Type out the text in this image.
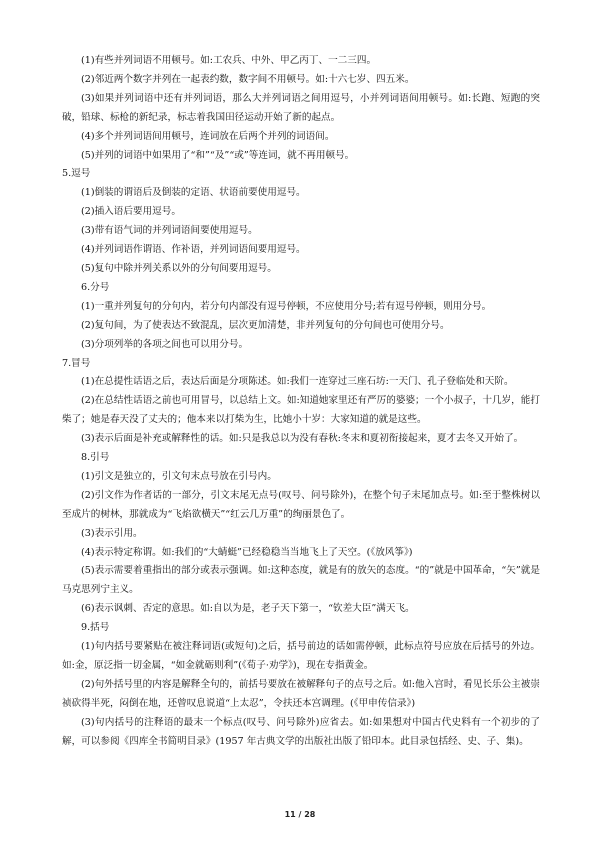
(1)有些并列词语不用顿号。如:工农兵、中外、甲乙丙丁、一二三四。

(2)邻近两个数字并列在一起表约数，数字间不用顿号。如:十六七岁、四五米。

(3)如果并列词语中还有并列词语，那么大并列词语之间用逗号，小并列词语间用顿号。如:长跑、短跑的突破，铅球、标枪的新纪录，标志着我国田径运动开始了新的起点。

(4)多个并列词语间用顿号，连词放在后两个并列的词语间。

(5)并列的词语中如果用了“和”“及”“或”等连词，就不再用顿号。

5.逗号

(1)倒装的谓语后及倒装的定语、状语前要使用逗号。

(2)插入语后要用逗号。

(3)带有语气词的并列词语间要使用逗号。

(4)并列词语作谓语、作补语，并列词语间要用逗号。

(5)复句中除并列关系以外的分句间要用逗号。

6.分号

(1)一重并列复句的分句内，若分句内部没有逗号停顿，不应使用分号;若有逗号停顿，则用分号。

(2)复句间，为了使表达不致混乱，层次更加清楚，非并列复句的分句间也可使用分号。

(3)分项列举的各项之间也可以用分号。

7.冒号

(1)在总提性话语之后，表达后面是分项陈述。如:我们一连穿过三座石坊:一天门、孔子登临处和天阶。

(2)在总结性话语之前也可用冒号，以总结上文。如:知道她家里还有严厉的婆婆；一个小叔子，十几岁，能打柴了；她是春天没了丈夫的；他本来以打柴为生，比她小十岁：大家知道的就是这些。

(3)表示后面是补充或解释性的话。如:只是我总以为没有春秋:冬末和夏初衔接起来，夏才去冬又开始了。

8.引号

(1)引文是独立的，引文句末点号放在引号内。

(2)引文作为作者话的一部分，引文末尾无点号(叹号、问号除外)，在整个句子末尾加点号。如:至于整株树以至成片的树林，那就成为“飞焰欲横天”“红云几万重”的绚丽景色了。

(3)表示引用。

(4)表示特定称谓。如:我们的“大蜻蜓”已经稳稳当当地飞上了天空。(《放风筝》)

(5)表示需要着重指出的部分或表示强调。如:这种态度，就是有的放矢的态度。“的”就是中国革命，“矢”就是马克思列宁主义。

(6)表示讽刺、否定的意思。如:自以为是，老子天下第一，“钦差大臣”满天飞。

9.括号

(1)句内括号要紧贴在被注释词语(或短句)之后，括号前边的话如需停顿，此标点符号应放在后括号的外边。如:金，原泛指一切金属，“如金就砺则利”(《荀子·劝学》)，现在专指黄金。

(2)句外括号里的内容是解释全句的，前括号要放在被解释句子的点号之后。如:他入宫时，看见长乐公主被崇祯砍得半死，闷倒在地，还曾叹息说道“上太忍”，令扶还本宫调理。(《甲申传信录》)

(3)句内括号的注释语的最末一个标点(叹号、问号除外)应省去。如:如果想对中国古代史料有一个初步的了解，可以参阅《四库全书简明目录》(1957 年古典文学的出版社出版了铅印本。此目录包括经、史、子、集)。

11 / 28
